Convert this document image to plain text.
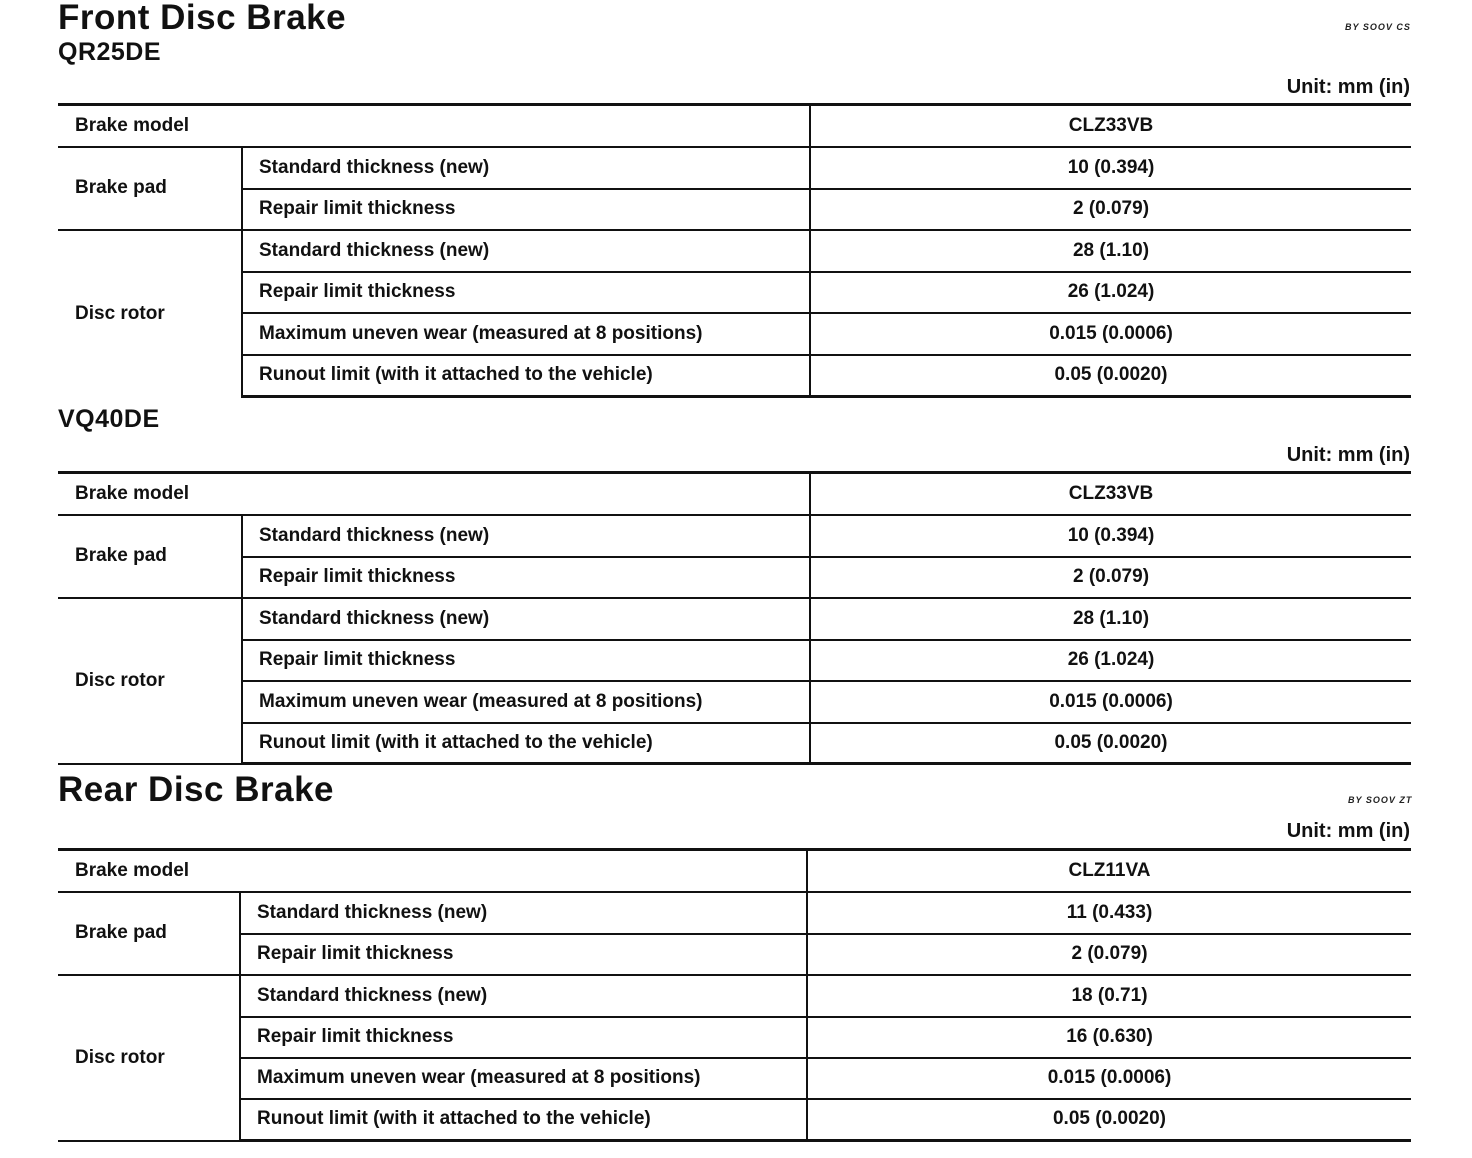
Front Disc Brake	BY SOOV CS
QR25DE
Unit: mm (in)
Brake model		CLZ33VB
Brake pad	Standard thickness (new)	10 (0.394)
	Repair limit thickness	2 (0.079)
Disc rotor	Standard thickness (new)	28 (1.10)
	Repair limit thickness	26 (1.024)
	Maximum uneven wear (measured at 8 positions)	0.015 (0.0006)
	Runout limit (with it attached to the vehicle)	0.05 (0.0020)
VQ40DE
Unit: mm (in)
Brake model		CLZ33VB
Brake pad	Standard thickness (new)	10 (0.394)
	Repair limit thickness	2 (0.079)
Disc rotor	Standard thickness (new)	28 (1.10)
	Repair limit thickness	26 (1.024)
	Maximum uneven wear (measured at 8 positions)	0.015 (0.0006)
	Runout limit (with it attached to the vehicle)	0.05 (0.0020)
Rear Disc Brake	BY SOOV ZT
Unit: mm (in)
Brake model		CLZ11VA
Brake pad	Standard thickness (new)	11 (0.433)
	Repair limit thickness	2 (0.079)
Disc rotor	Standard thickness (new)	18 (0.71)
	Repair limit thickness	16 (0.630)
	Maximum uneven wear (measured at 8 positions)	0.015 (0.0006)
	Runout limit (with it attached to the vehicle)	0.05 (0.0020)
